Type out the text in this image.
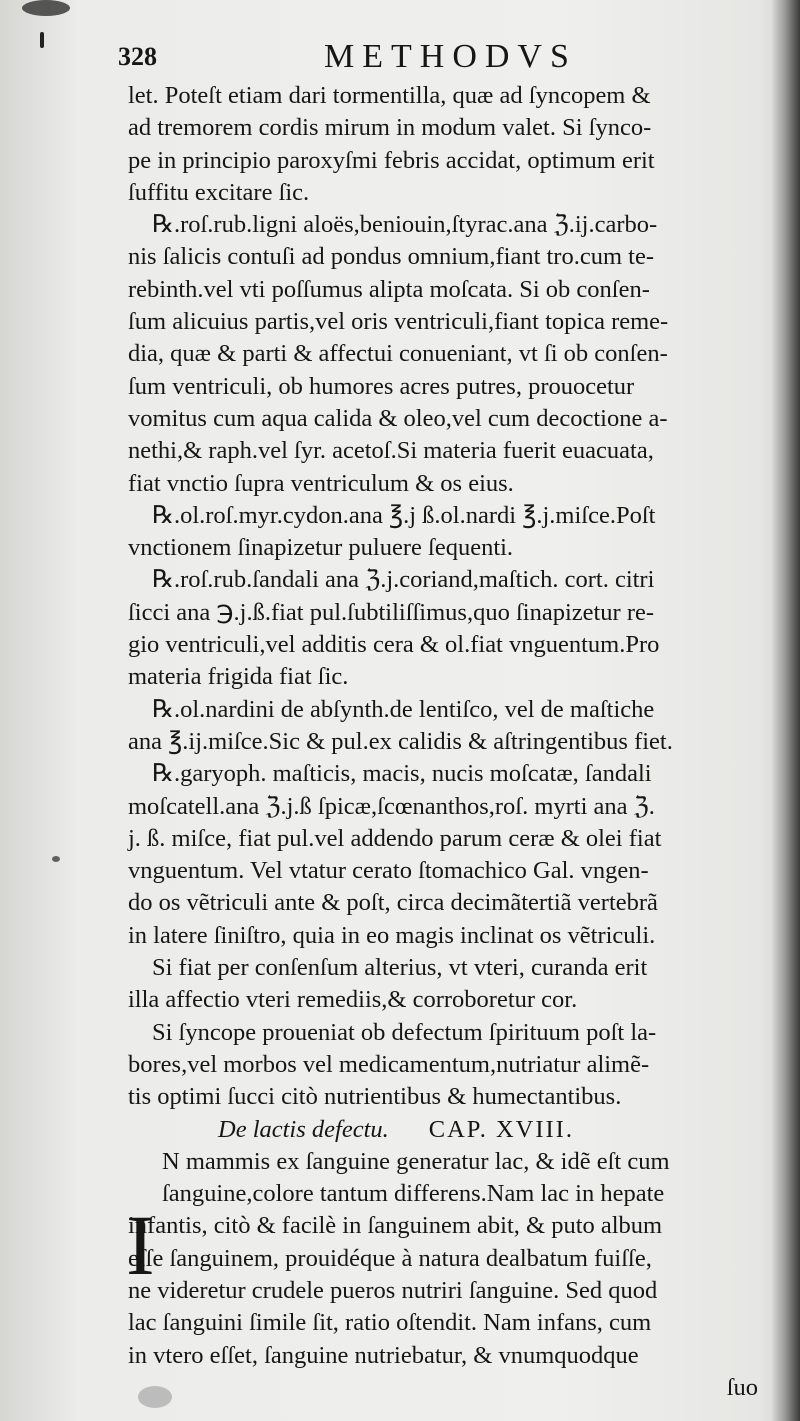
328	METHODVS
let. Poteſt etiam dari tormentilla, quæ ad ſyncopem &
ad tremorem cordis mirum in modum valet. Si ſynco-
pe in principio paroxyſmi febris accidat, optimum erit
ſuffitu excitare ſic.
℞.roſ.rub.ligni aloës,beniouin,ſtyrac.ana ℨ.ij.carbo-
nis ſalicis contuſi ad pondus omnium,fiant tro.cum te-
rebinth.vel vti poſſumus alipta moſcata. Si ob conſen-
ſum alicuius partis,vel oris ventriculi,fiant topica reme-
dia, quæ & parti & affectui conueniant, vt ſi ob conſen-
ſum ventriculi, ob humores acres putres, prouocetur
vomitus cum aqua calida & oleo,vel cum decoctione a-
nethi,& raph.vel ſyr. acetoſ.Si materia fuerit euacuata,
fiat vnctio ſupra ventriculum & os eius.
℞.ol.roſ.myr.cydon.ana ℥.j ß.ol.nardi ℥.j.miſce.Poſt
vnctionem ſinapizetur puluere ſequenti.
℞.roſ.rub.ſandali ana ℨ.j.coriand,maſtich. cort. citri
ſicci ana ℈.j.ß.fiat pul.ſubtiliſſimus,quo ſinapizetur re-
gio ventriculi,vel additis cera & ol.fiat vnguentum.Pro
materia frigida fiat ſic.
℞.ol.nardini de abſynth.de lentiſco, vel de maſtiche
ana ℥.ij.miſce.Sic & pul.ex calidis & aſtringentibus fiet.
℞.garyoph. maſticis, macis, nucis moſcatæ, ſandali
moſcatell.ana ℨ.j.ß ſpicæ,ſcœnanthos,roſ. myrti ana ℨ.
j. ß. miſce, fiat pul.vel addendo parum ceræ & olei fiat
vnguentum. Vel vtatur cerato ſtomachico Gal. vngen-
do os vẽtriculi ante & poſt, circa decimãtertiã vertebrã
in latere ſiniſtro, quia in eo magis inclinat os vẽtriculi.
Si fiat per conſenſum alterius, vt vteri, curanda erit
illa affectio vteri remediis,& corroboretur cor.
Si ſyncope proueniat ob defectum ſpirituum poſt la-
bores,vel morbos vel medicamentum,nutriatur alimẽ-
tis optimi ſucci citò nutrientibus & humectantibus.
De lactis defectu. CAP. XVIII.
I
N mammis ex ſanguine generatur lac, & idẽ eſt cum
ſanguine,colore tantum differens.Nam lac in hepate
infantis, citò & facilè in ſanguinem abit, & puto album
eſſe ſanguinem, prouidéque à natura dealbatum fuiſſe,
ne videretur crudele pueros nutriri ſanguine. Sed quod
lac ſanguini ſimile ſit, ratio oſtendit. Nam infans, cum
in vtero eſſet, ſanguine nutriebatur, & vnumquodque
ſuo
